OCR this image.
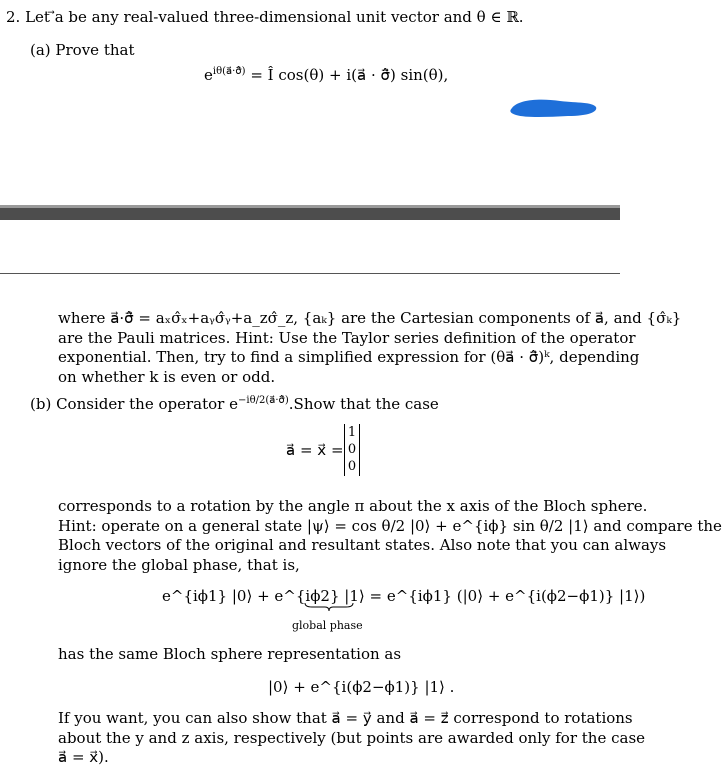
2. Let ⃗a be any real-valued three-dimensional unit vector and θ ∈ ℝ.
(a) Prove that
$e^{i\theta(a⃗\cdot\sigmâ⃗)}$ = Î cos(θ) + i(a⃗ · σ̂⃗) sin(θ),
where a⃗·σ̂⃗ = aₓσ̂ₓ+aᵧσ̂ᵧ+a_zσ̂_z, {aₖ} are the Cartesian components of a⃗, and {σ̂ₖ}
are the Pauli matrices. Hint: Use the Taylor series definition of the operator
exponential. Then, try to find a simplified expression for (θa⃗ · σ̂⃗)ᵏ, depending
on whether k is even or odd.
(b) Consider the operator $e^{-i\theta/2(a⃗\cdot\sigmâ⃗)}.Show$ that the case
a⃗ = x⃗ =
1
0
0
corresponds to a rotation by the angle π about the x axis of the Bloch sphere.
Hint: operate on a general state |ψ⟩ = cos θ/2 |0⟩ + e^{iϕ} sin θ/2 |1⟩ and compare the
Bloch vectors of the original and resultant states. Also note that you can always
ignore the global phase, that is,
e^{iϕ1} |0⟩ + e^{iϕ2} |1⟩ = e^{iϕ1} (|0⟩ + e^{i(ϕ2−ϕ1)} |1⟩)
global phase
has the same Bloch sphere representation as
|0⟩ + e^{i(ϕ2−ϕ1)} |1⟩ .
If you want, you can also show that a⃗ = y⃗ and a⃗ = z⃗ correspond to rotations
about the y and z axis, respectively (but points are awarded only for the case
a⃗ = x⃗).
